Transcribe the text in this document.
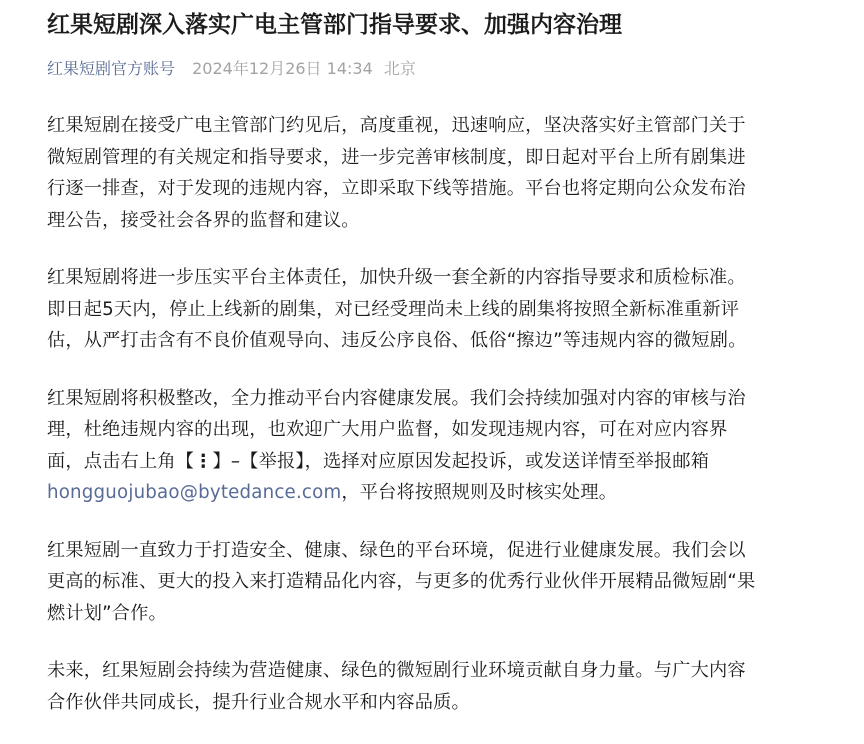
红果短剧深入落实广电主管部门指导要求、加强内容治理
红果短剧官方账号 2024年12月26日 14:34 北京

红果短剧在接受广电主管部门约见后，高度重视，迅速响应，坚决落实好主管部门关于
微短剧管理的有关规定和指导要求，进一步完善审核制度，即日起对平台上所有剧集进
行逐一排查，对于发现的违规内容，立即采取下线等措施。平台也将定期向公众发布治
理公告，接受社会各界的监督和建议。

红果短剧将进一步压实平台主体责任，加快升级一套全新的内容指导要求和质检标准。
即日起5天内，停止上线新的剧集，对已经受理尚未上线的剧集将按照全新标准重新评
估，从严打击含有不良价值观导向、违反公序良俗、低俗“擦边”等违规内容的微短剧。

红果短剧将积极整改，全力推动平台内容健康发展。我们会持续加强对内容的审核与治
理，杜绝违规内容的出现，也欢迎广大用户监督，如发现违规内容，可在对应内容界
面，点击右上角【⋮】–【举报】，选择对应原因发起投诉，或发送详情至举报邮箱
hongguojubao@bytedance.com，平台将按照规则及时核实处理。

红果短剧一直致力于打造安全、健康、绿色的平台环境，促进行业健康发展。我们会以
更高的标准、更大的投入来打造精品化内容，与更多的优秀行业伙伴开展精品微短剧“果
燃计划”合作。

未来，红果短剧会持续为营造健康、绿色的微短剧行业环境贡献自身力量。与广大内容
合作伙伴共同成长，提升行业合规水平和内容品质。
